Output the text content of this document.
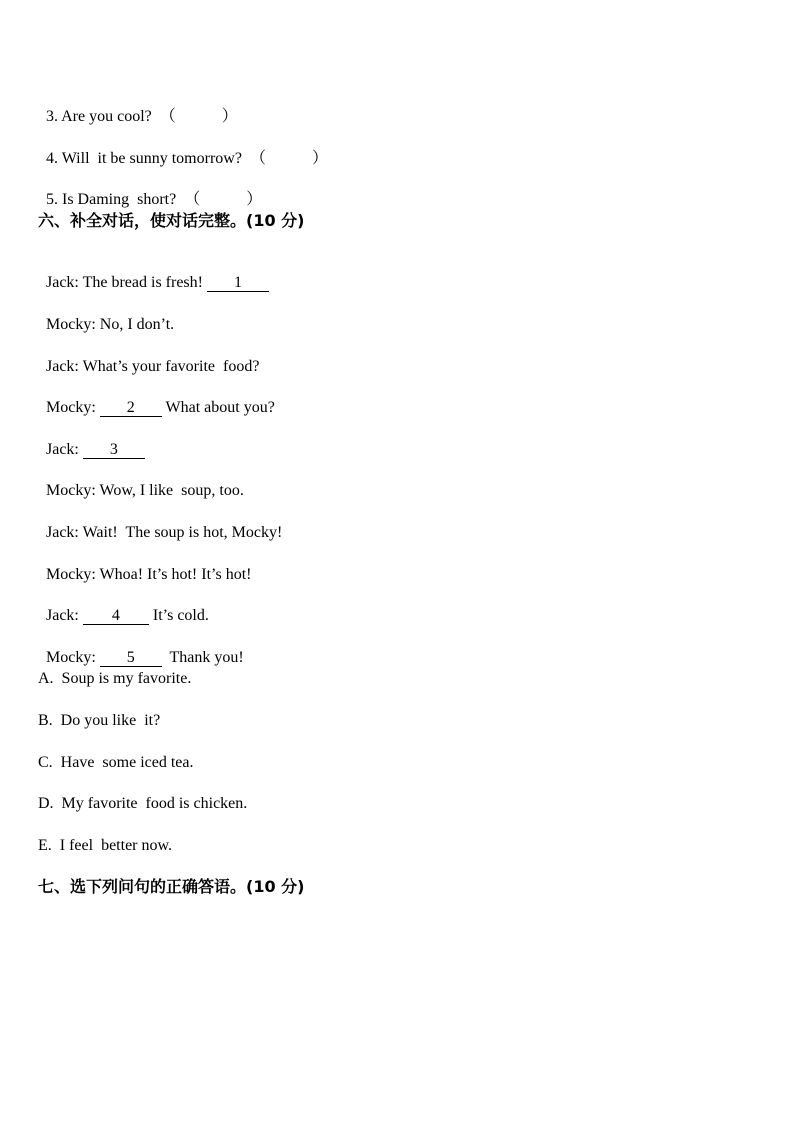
3. Are you cool? （	）

4. Will  it be sunny tomorrow? （	）

5. Is Daming  short? （	）

六、补全对话，使对话完整。(10 分)

Jack: The bread is fresh! 1

Mocky: No, I don’t.

Jack: What’s your favorite  food?

Mocky: 2 What about you?

Jack: 3

Mocky: Wow, I like  soup, too.

Jack: Wait!  The soup is hot, Mocky!

Mocky: Whoa! It’s hot! It’s hot!

Jack: 4 It’s cold.

Mocky: 5  Thank you!

A.  Soup is my favorite.
B.  Do you like  it?
C.  Have  some iced tea.
D.  My favorite  food is chicken.
E.  I feel  better now.
七、选下列问句的正确答语。(10 分)
